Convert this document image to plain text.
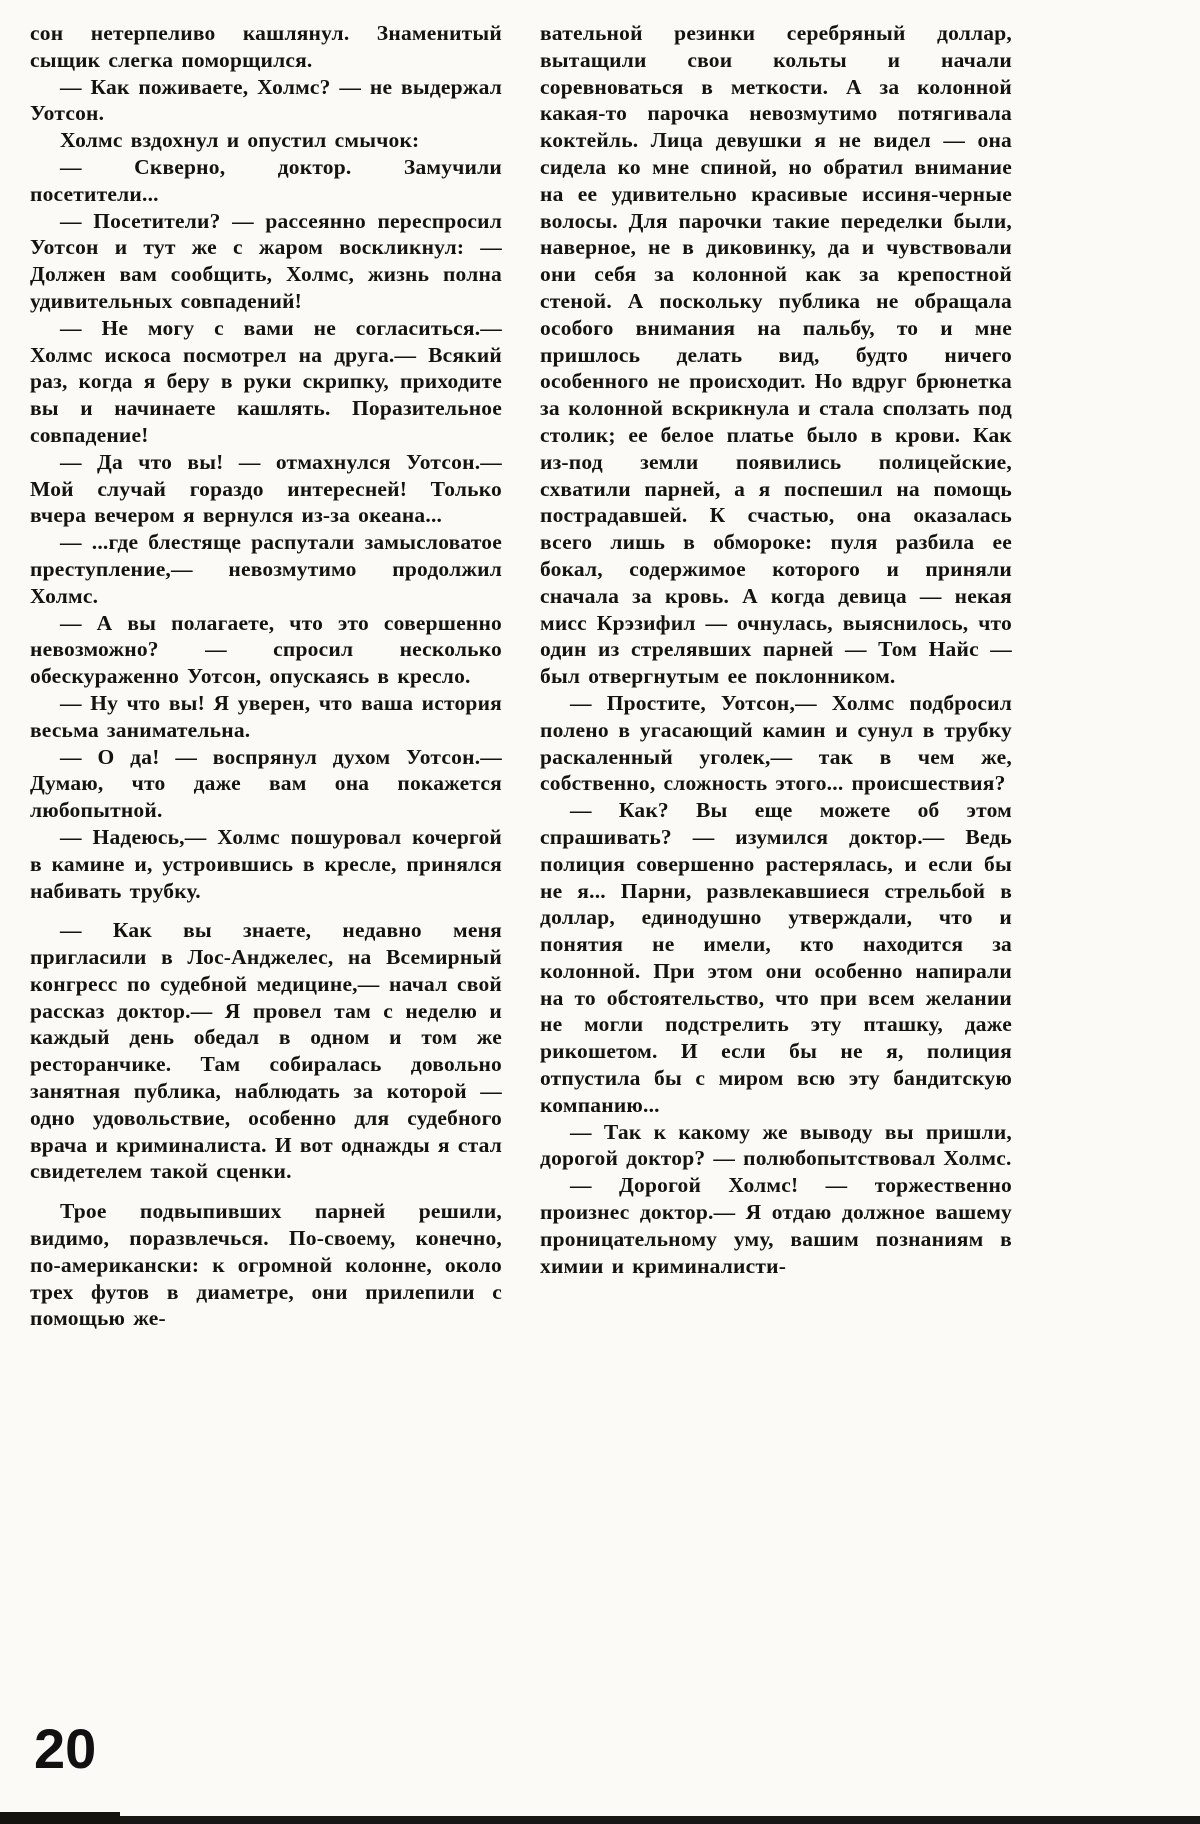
сон нетерпеливо кашлянул. Знаменитый сыщик слегка поморщился.

— Как поживаете, Холмс? — не выдержал Уотсон.

Холмс вздохнул и опустил смычок:

— Скверно, доктор. Замучили посетители...

— Посетители? — рассеянно переспросил Уотсон и тут же с жаром воскликнул: — Должен вам сообщить, Холмс, жизнь полна удивительных совпадений!

— Не могу с вами не согласиться.— Холмс искоса посмотрел на друга.— Всякий раз, когда я беру в руки скрипку, приходите вы и начинаете кашлять. Поразительное совпадение!

— Да что вы! — отмахнулся Уотсон.— Мой случай гораздо интересней! Только вчера вечером я вернулся из-за океана...

— ...где блестяще распутали замысловатое преступление,— невозмутимо продолжил Холмс.

— А вы полагаете, что это совершенно невозможно? — спросил несколько обескураженно Уотсон, опускаясь в кресло.

— Ну что вы! Я уверен, что ваша история весьма занимательна.

— О да! — воспрянул духом Уотсон.— Думаю, что даже вам она покажется любопытной.

— Надеюсь,— Холмс пошуровал кочергой в камине и, устроившись в кресле, принялся набивать трубку.

— Как вы знаете, недавно меня пригласили в Лос-Анджелес, на Всемирный конгресс по судебной медицине,— начал свой рассказ доктор.— Я провел там с неделю и каждый день обедал в одном и том же ресторанчике. Там собиралась довольно занятная публика, наблюдать за которой — одно удовольствие, особенно для судебного врача и криминалиста. И вот однажды я стал свидетелем такой сценки.

Трое подвыпивших парней решили, видимо, поразвлечься. По-своему, конечно, по-американски: к огромной колонне, около трех футов в диаметре, они прилепили с помощью же-

вательной резинки серебряный доллар, вытащили свои кольты и начали соревноваться в меткости. А за колонной какая-то парочка невозмутимо потягивала коктейль. Лица девушки я не видел — она сидела ко мне спиной, но обратил внимание на ее удивительно красивые иссиня-черные волосы. Для парочки такие переделки были, наверное, не в диковинку, да и чувствовали они себя за колонной как за крепостной стеной. А поскольку публика не обращала особого внимания на пальбу, то и мне пришлось делать вид, будто ничего особенного не происходит. Но вдруг брюнетка за колонной вскрикнула и стала сползать под столик; ее белое платье было в крови. Как из-под земли появились полицейские, схватили парней, а я поспешил на помощь пострадавшей. К счастью, она оказалась всего лишь в обмороке: пуля разбила ее бокал, содержимое которого и приняли сначала за кровь. А когда девица — некая мисс Крэзифил — очнулась, выяснилось, что один из стрелявших парней — Том Найс — был отвергнутым ее поклонником.

— Простите, Уотсон,— Холмс подбросил полено в угасающий камин и сунул в трубку раскаленный уголек,— так в чем же, собственно, сложность этого... происшествия?

— Как? Вы еще можете об этом спрашивать? — изумился доктор.— Ведь полиция совершенно растерялась, и если бы не я... Парни, развлекавшиеся стрельбой в доллар, единодушно утверждали, что и понятия не имели, кто находится за колонной. При этом они особенно напирали на то обстоятельство, что при всем желании не могли подстрелить эту пташку, даже рикошетом. И если бы не я, полиция отпустила бы с миром всю эту бандитскую компанию...

— Так к какому же выводу вы пришли, дорогой доктор? — полюбопытствовал Холмс.

— Дорогой Холмс! — торжественно произнес доктор.— Я отдаю должное вашему проницательному уму, вашим познаниям в химии и криминалисти-

20
